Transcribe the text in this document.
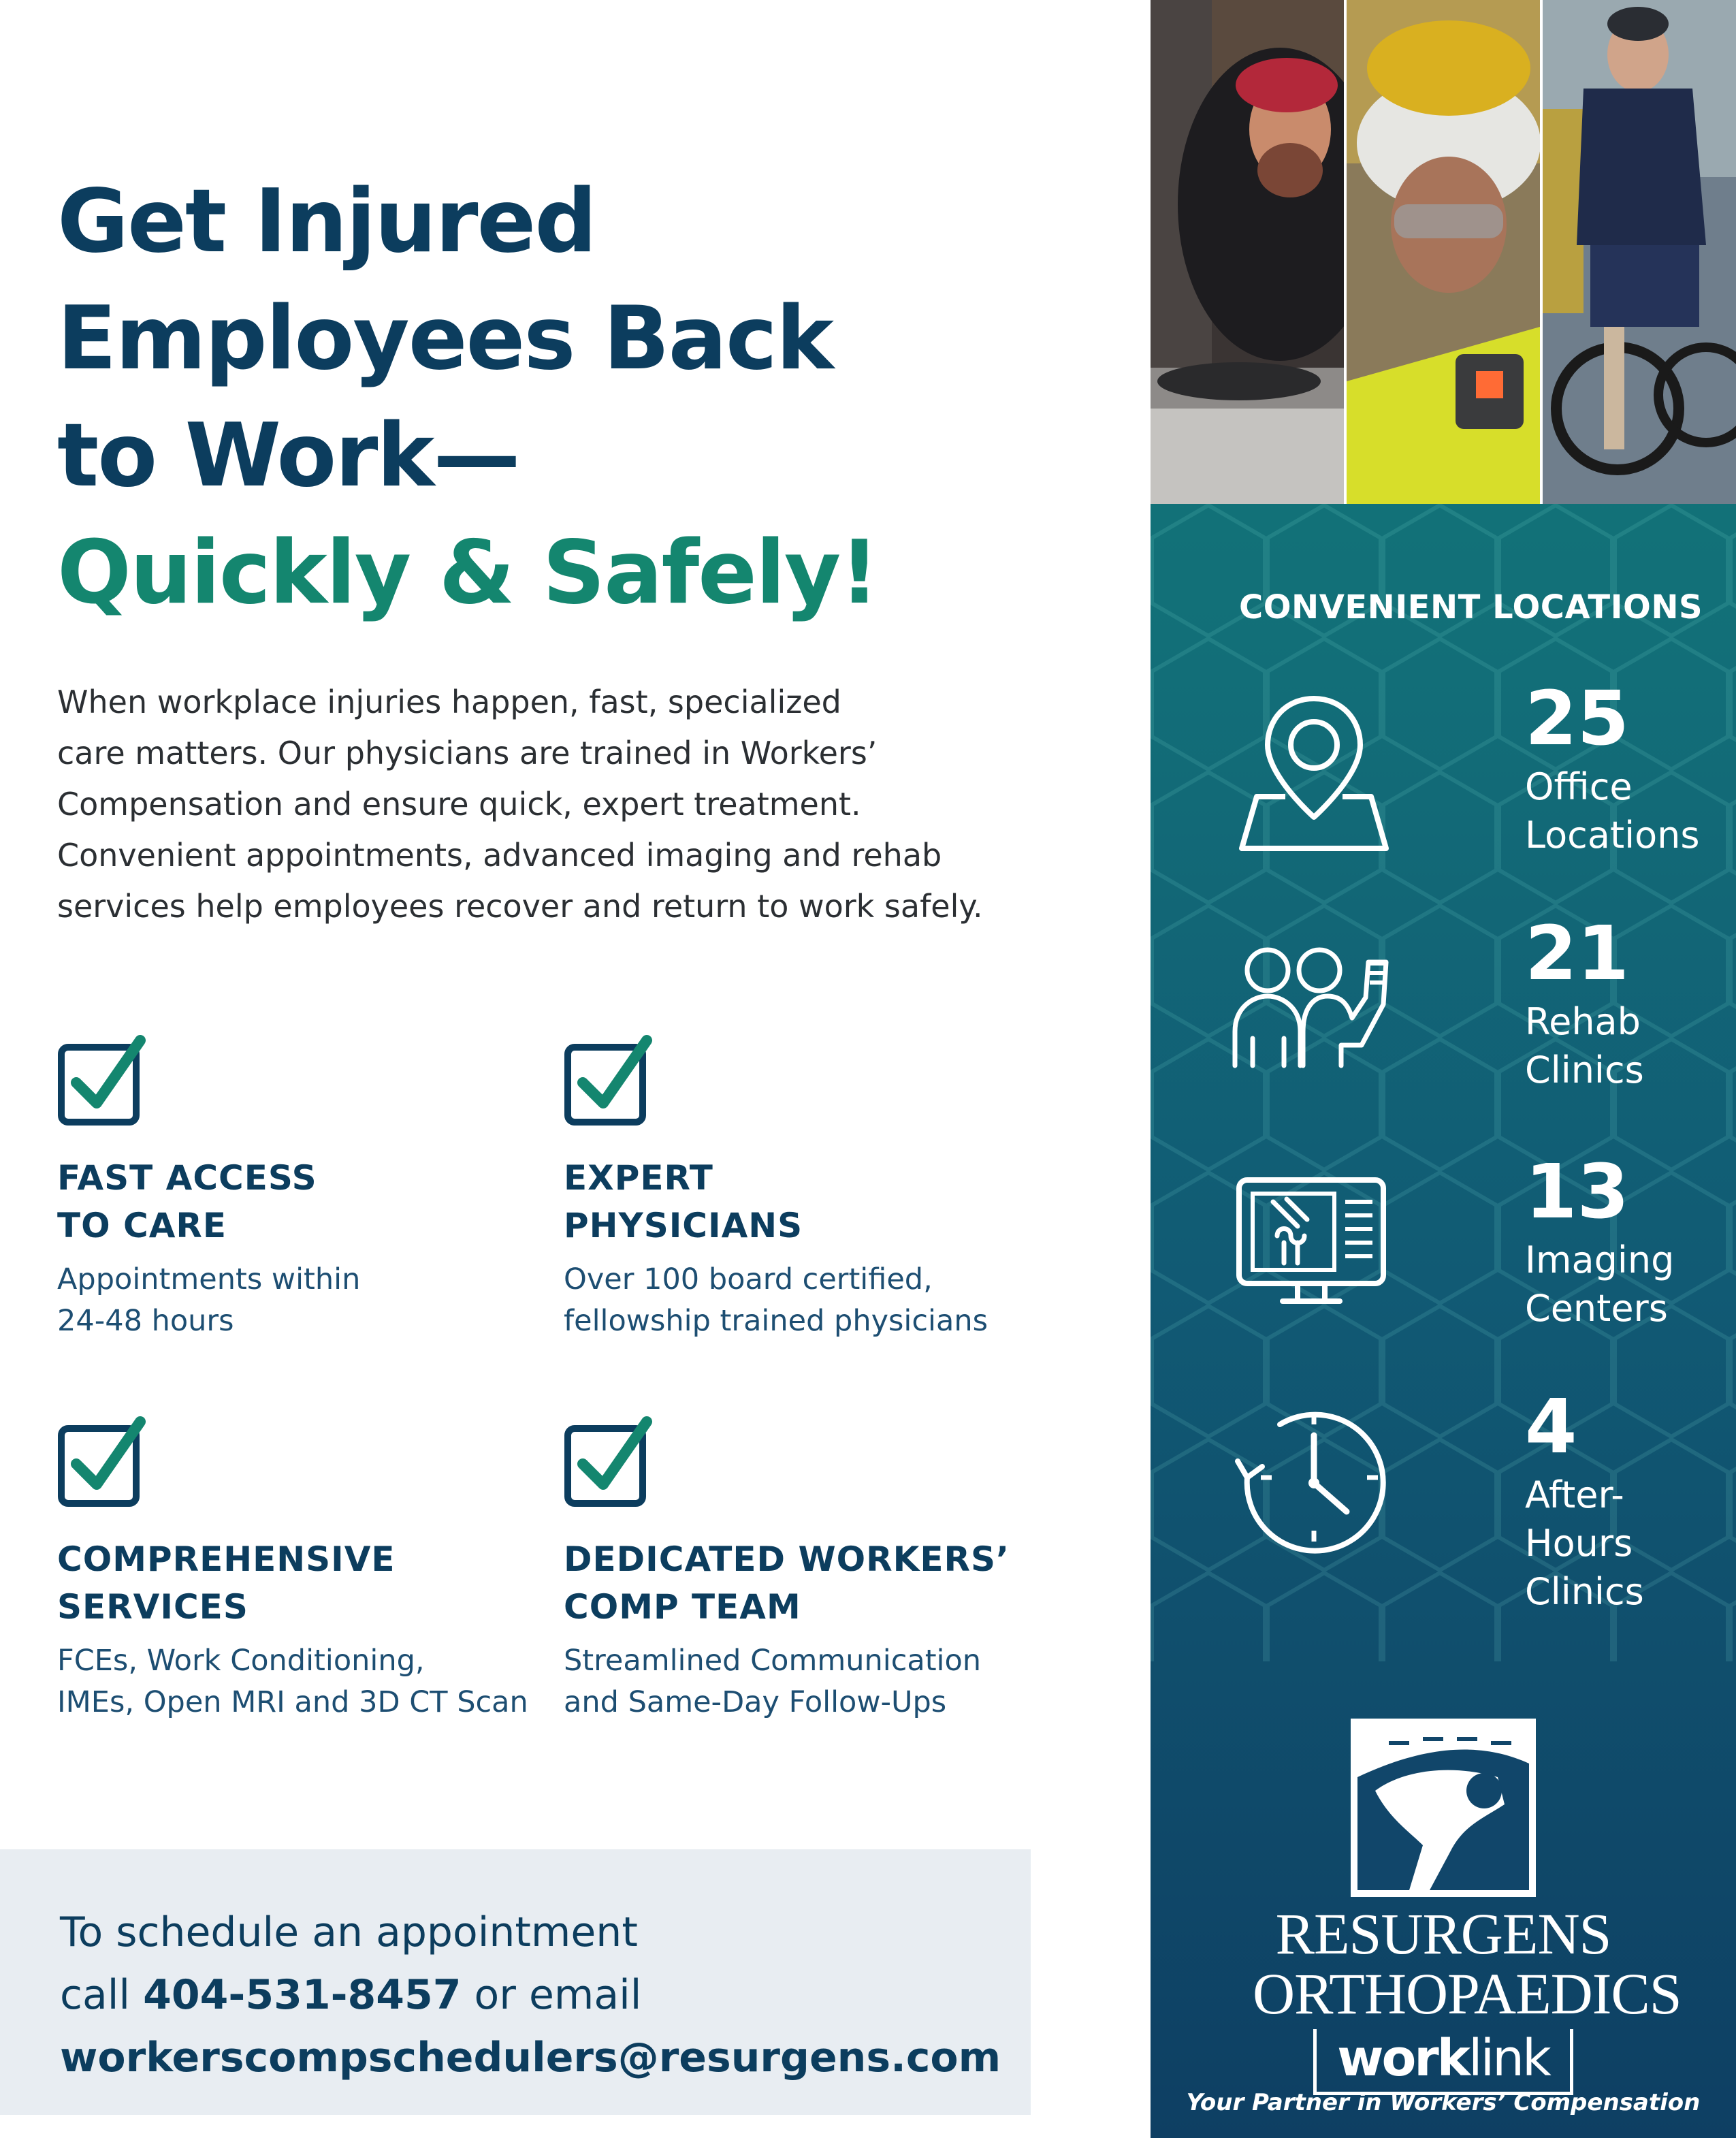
Get Injured
Employees Back
to Work—
Quickly & Safely!
When workplace injuries happen, fast, specialized
care matters. Our physicians are trained in Workers’
Compensation and ensure quick, expert treatment.
Convenient appointments, advanced imaging and rehab
services help employees recover and return to work safely.
FAST ACCESS
TO CARE
Appointments within
24-48 hours
EXPERT
PHYSICIANS
Over 100 board certified,
fellowship trained physicians
COMPREHENSIVE
SERVICES
FCEs, Work Conditioning,
IMEs, Open MRI and 3D CT Scan
DEDICATED WORKERS’
COMP TEAM
Streamlined Communication
and Same-Day Follow-Ups
To schedule an appointment
call 404-531-8457 or email
workerscompschedulers@resurgens.com
CONVENIENT LOCATIONS
25
Office
Locations
21
Rehab
Clinics
13
Imaging
Centers
4
After-Hours
Clinics
RESURGENS
ORTHOPAEDICS
work link
Your Partner in Workers’ Compensation
